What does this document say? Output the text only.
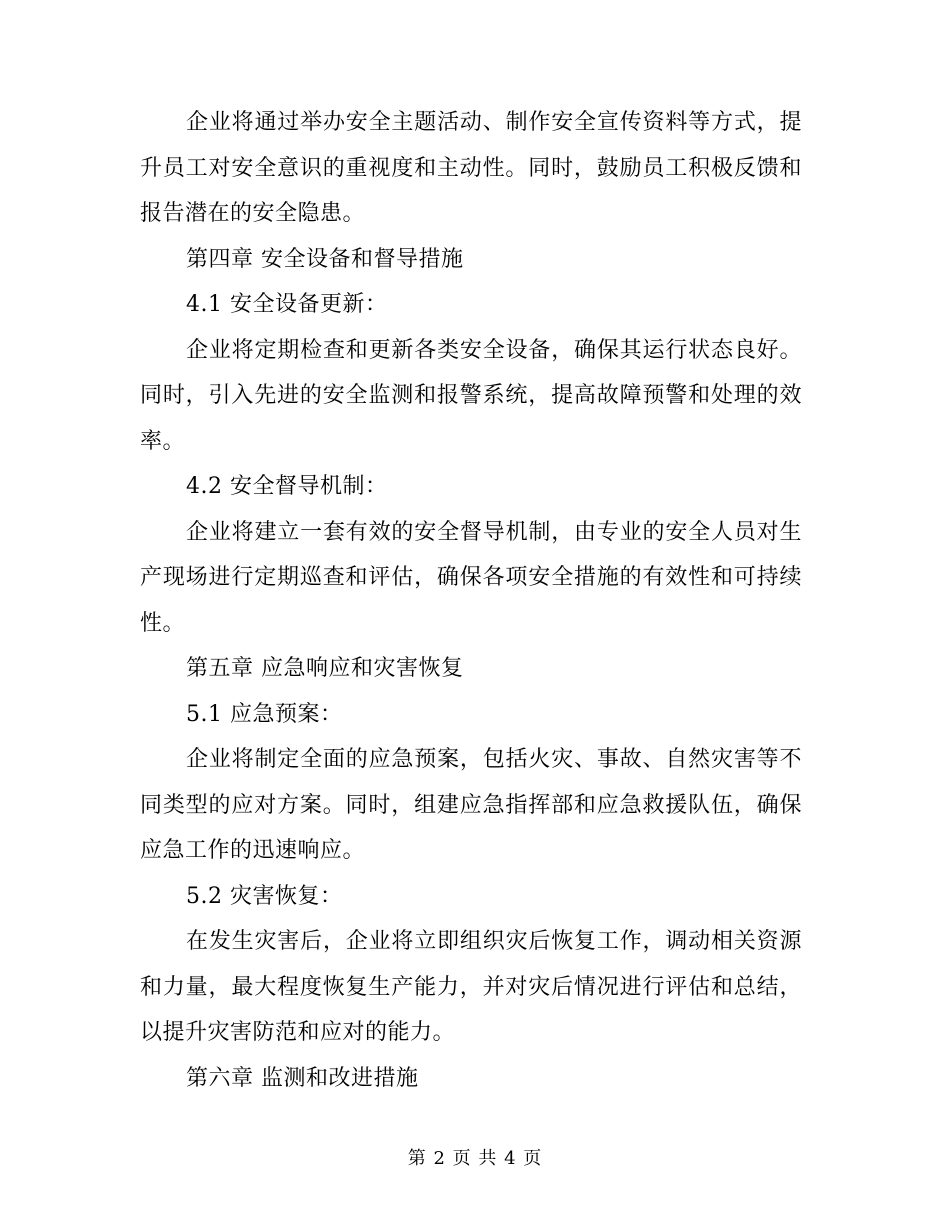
企业将通过举办安全主题活动、制作安全宣传资料等方式，提升员工对安全意识的重视度和主动性。同时，鼓励员工积极反馈和报告潜在的安全隐患。

第四章 安全设备和督导措施

4.1 安全设备更新：

企业将定期检查和更新各类安全设备，确保其运行状态良好。同时，引入先进的安全监测和报警系统，提高故障预警和处理的效率。

4.2 安全督导机制：

企业将建立一套有效的安全督导机制，由专业的安全人员对生产现场进行定期巡查和评估，确保各项安全措施的有效性和可持续性。

第五章 应急响应和灾害恢复

5.1 应急预案：

企业将制定全面的应急预案，包括火灾、事故、自然灾害等不同类型的应对方案。同时，组建应急指挥部和应急救援队伍，确保应急工作的迅速响应。

5.2 灾害恢复：

在发生灾害后，企业将立即组织灾后恢复工作，调动相关资源和力量，最大程度恢复生产能力，并对灾后情况进行评估和总结，以提升灾害防范和应对的能力。

第六章 监测和改进措施

第 2 页 共 4 页
